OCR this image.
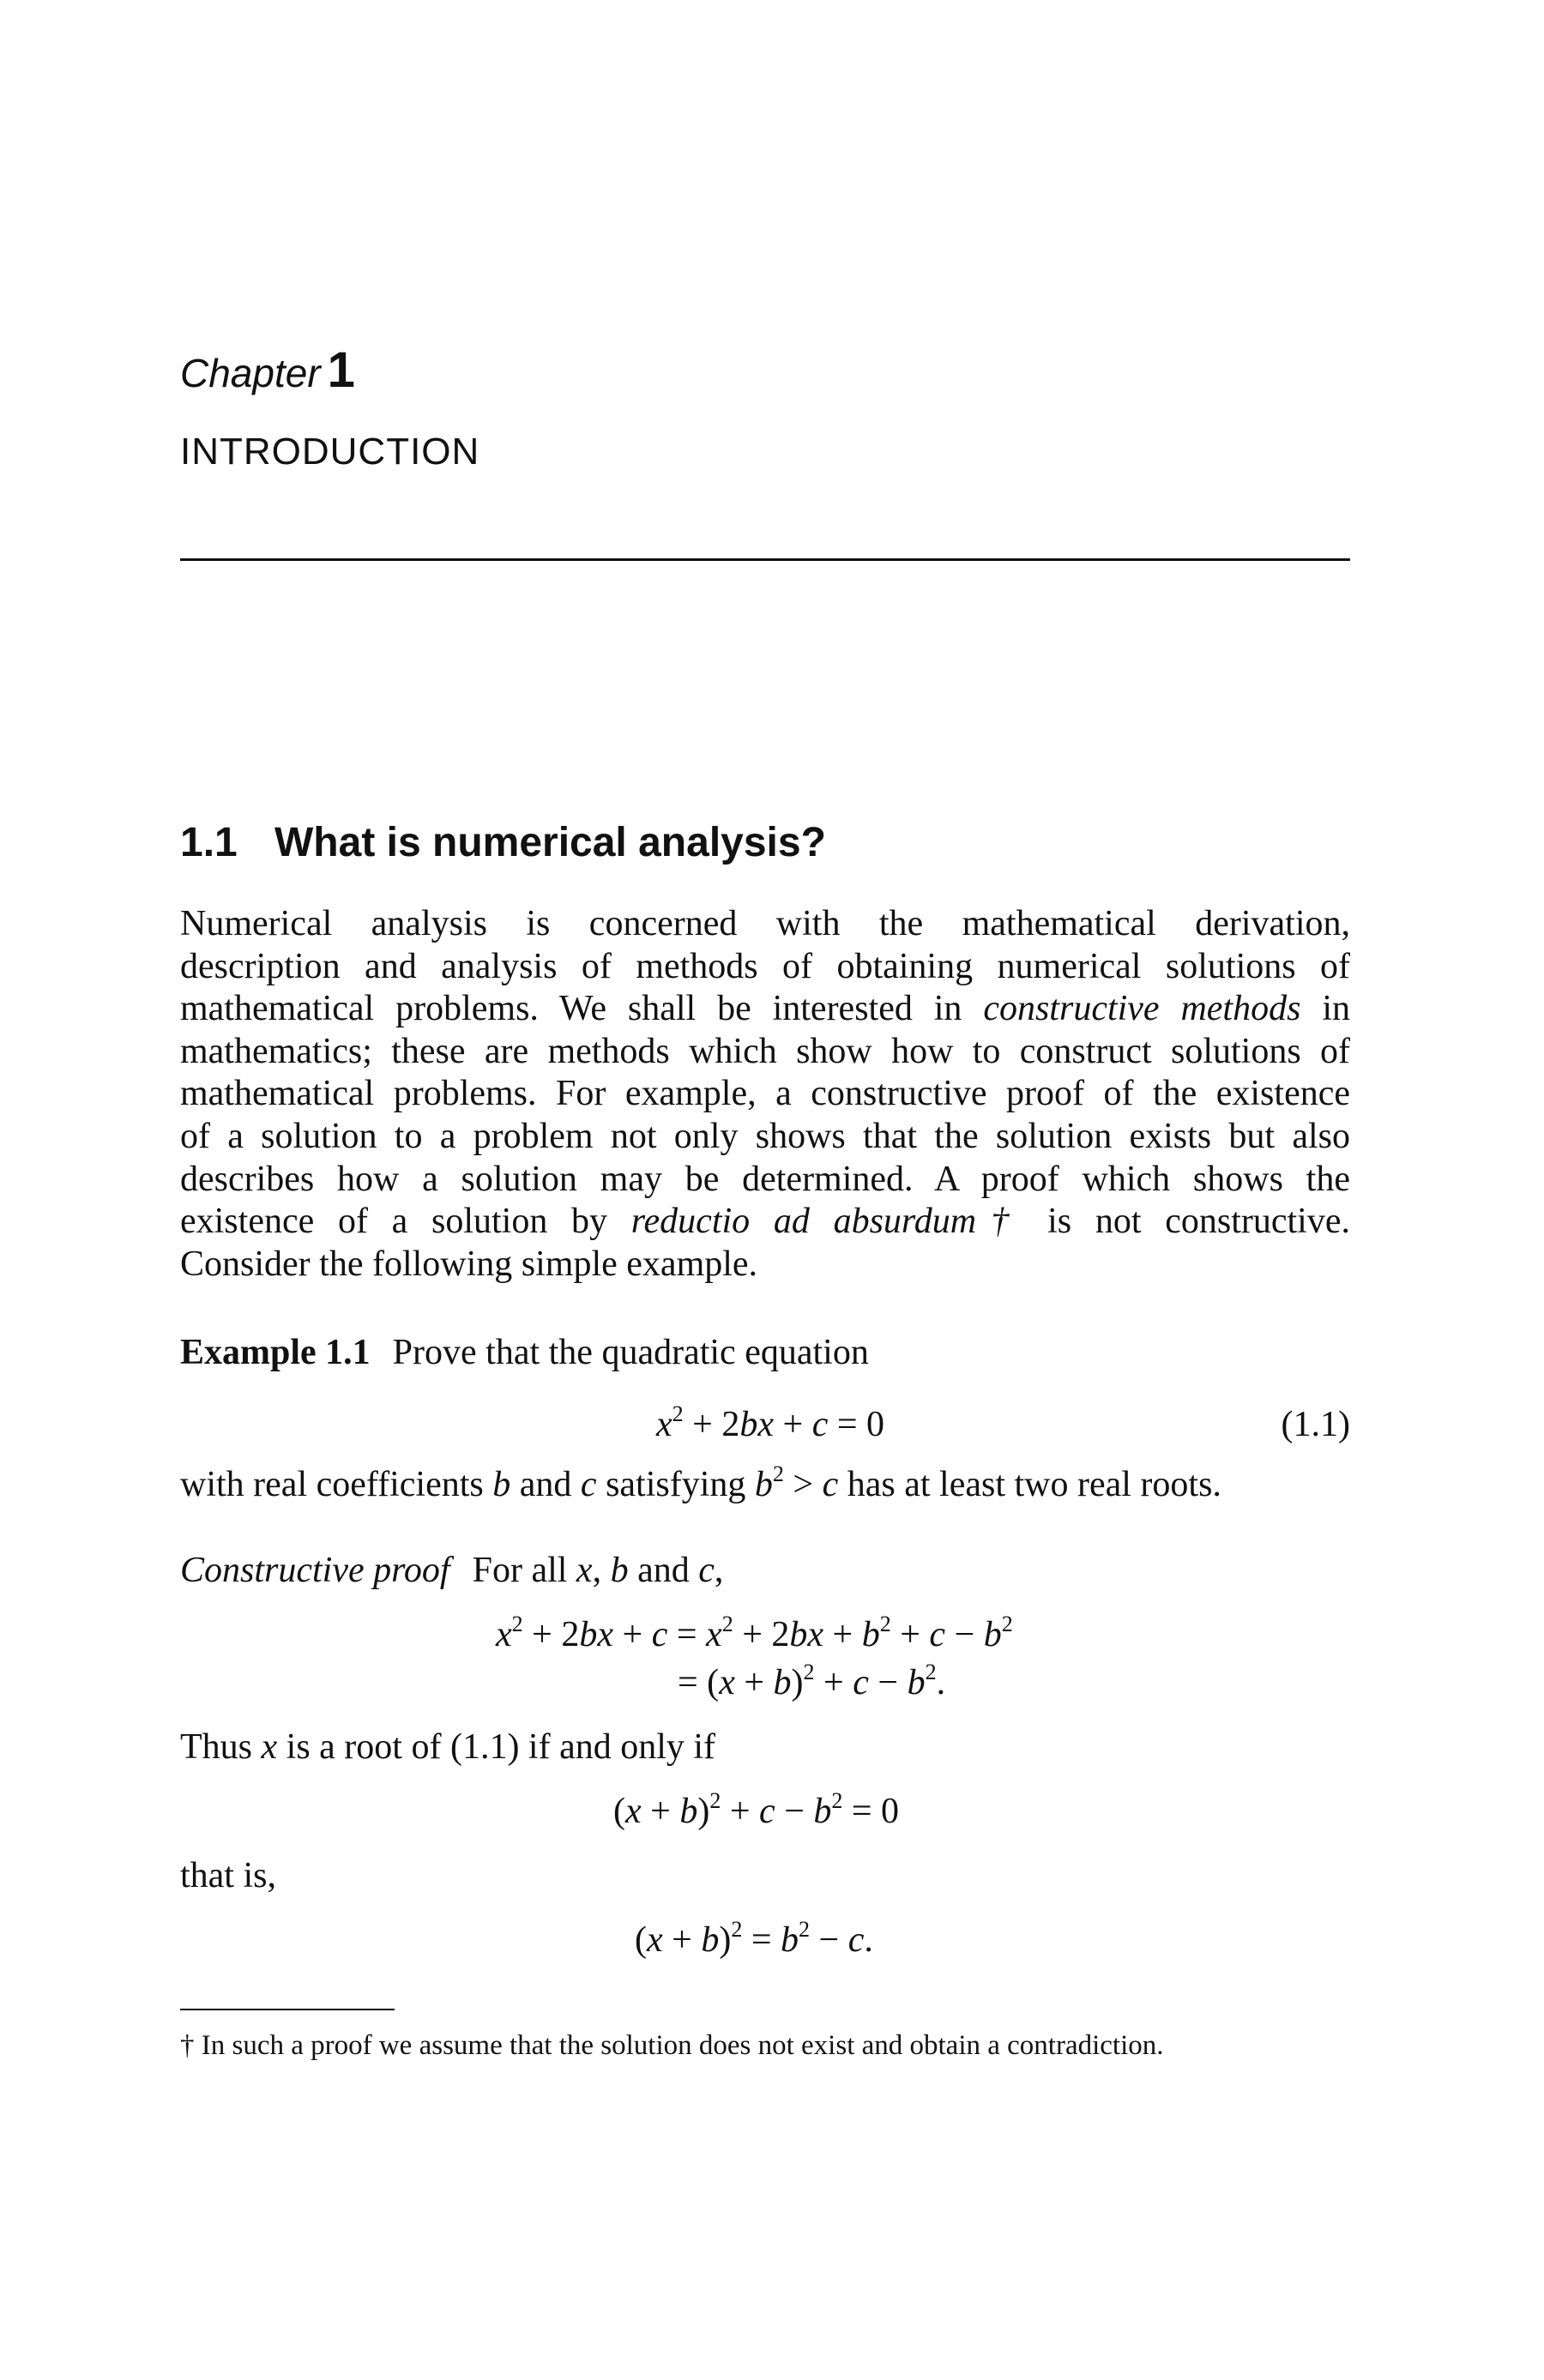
Chapter 1
INTRODUCTION
1.1 What is numerical analysis?
Numerical analysis is concerned with the mathematical derivation,
description and analysis of methods of obtaining numerical solutions of
mathematical problems. We shall be interested in constructive methods in
mathematics; these are methods which show how to construct solutions of
mathematical problems. For example, a constructive proof of the existence
of a solution to a problem not only shows that the solution exists but also
describes how a solution may be determined. A proof which shows the
existence of a solution by reductio ad absurdum† is not constructive.
Consider the following simple example.
Example 1.1 Prove that the quadratic equation
$x^2 + 2bx + c = 0$	(1.1)
with real coefficients b and c satisfying $b^2 > c$ has at least two real roots.
Constructive proof For all x, b and c,
$x^2 + 2bx + c = x^2 + 2bx + b^2 + c - b^2$
= $(x + b)^2 + c - b^2$.
Thus x is a root of (1.1) if and only if
$(x + b)^2 + c - b^2 = 0$
that is,
$(x + b)^2 = b^2 - c$.
† In such a proof we assume that the solution does not exist and obtain a contradiction.
